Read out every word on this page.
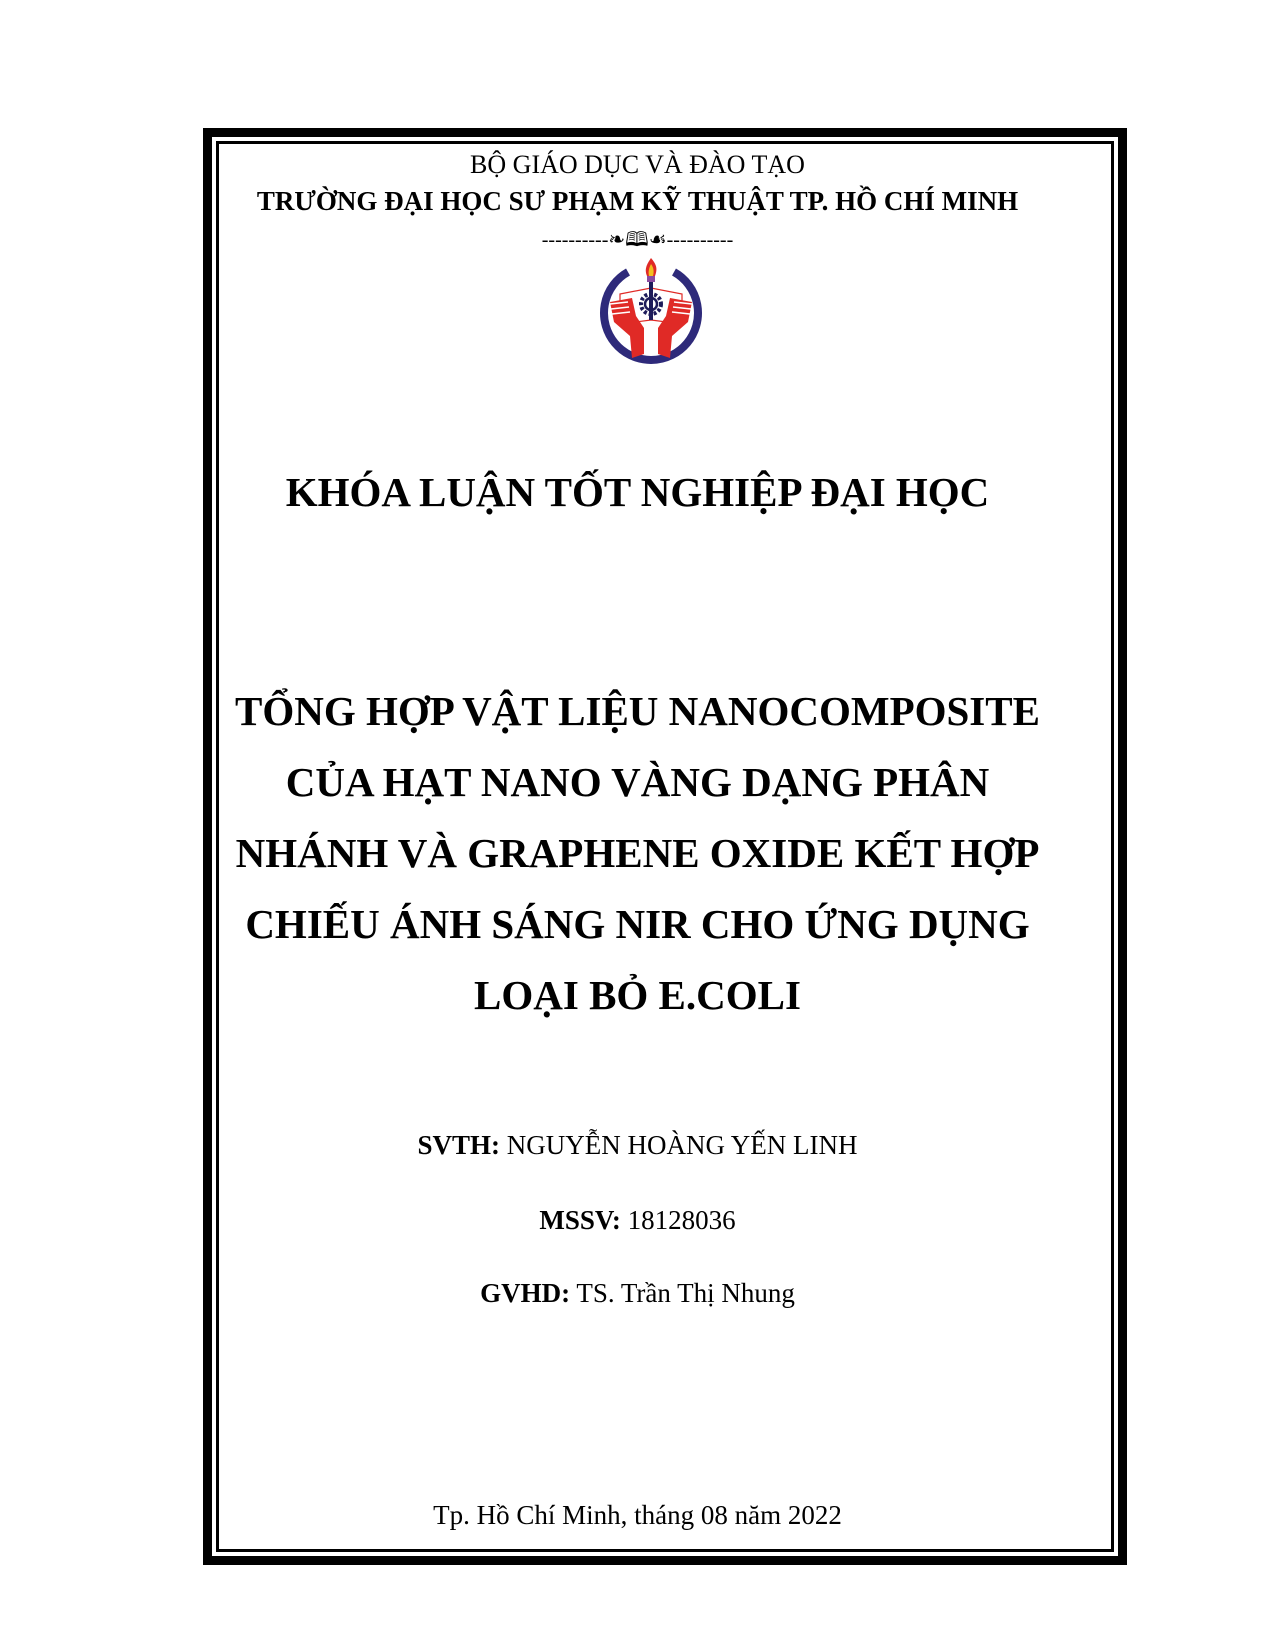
BỘ GIÁO DỤC VÀ ĐÀO TẠO
TRƯỜNG ĐẠI HỌC SƯ PHẠM KỸ THUẬT TP. HỒ CHÍ MINH
----------❧🕮☙----------
KHÓA LUẬN TỐT NGHIỆP ĐẠI HỌC
TỔNG HỢP VẬT LIỆU NANOCOMPOSITE
CỦA HẠT NANO VÀNG DẠNG PHÂN
NHÁNH VÀ GRAPHENE OXIDE KẾT HỢP
CHIẾU ÁNH SÁNG NIR CHO ỨNG DỤNG
LOẠI BỎ E.COLI
SVTH: NGUYỄN HOÀNG YẾN LINH
MSSV: 18128036
GVHD: TS. Trần Thị Nhung
Tp. Hồ Chí Minh, tháng 08 năm 2022
